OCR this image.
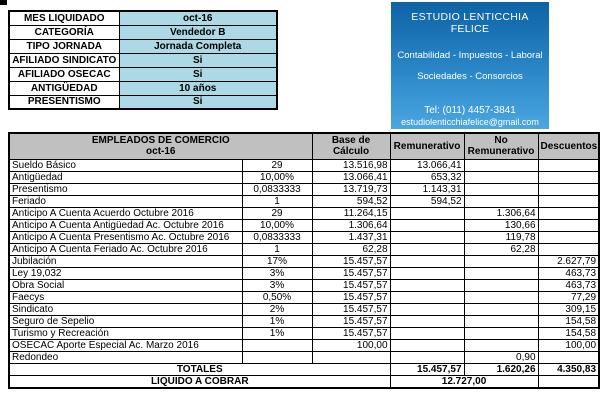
MES LIQUIDADO	oct-16
CATEGORÍA	Vendedor B
TIPO JORNADA	Jornada Completa
AFILIADO SINDICATO	Si
AFILIADO OSECAC	Si
ANTIGÜEDAD	10 años
PRESENTISMO	Si
ESTUDIO LENTICCHIA FELICE
Contabilidad - Impuestos - Laboral
Sociedades - Consorcios
Tel: (011) 4457-3841
estudiolenticchiafelice@gmail.com
EMPLEADOS DE COMERCIO
oct-16		Base de Cálculo	Remunerativo	No Remunerativo	Descuentos
Sueldo Básico	29	13.516,98	13.066,41		
Antigüedad	10,00%	13.066,41	653,32		
Presentismo	0,0833333	13.719,73	1.143,31		
Feriado	1	594,52	594,52		
Anticipo A Cuenta Acuerdo Octubre 2016	29	11.264,15		1.306,64	
Anticipo A Cuenta Antigüedad Ac. Octubre 2016	10,00%	1.306,64		130,66	
Anticipo A Cuenta Presentismo Ac. Octubre 2016	0,0833333	1.437,31		119,78	
Anticipo A Cuenta Feriado Ac. Octubre 2016	1	62,28		62,28	
Jubilación	17%	15.457,57			2.627,79
Ley 19,032	3%	15.457,57			463,73
Obra Social	3%	15.457,57			463,73
Faecys	0,50%	15.457,57			77,29
Sindicato	2%	15.457,57			309,15
Seguro de Sepelio	1%	15.457,57			154,58
Turismo y Recreación	1%	15.457,57			154,58
OSECAC Aporte Especial Ac. Marzo 2016		100,00			100,00
Redondeo				0,90	
TOTALES			15.457,57	1.620,26	4.350,83
LIQUIDO A COBRAR			12.727,00		
